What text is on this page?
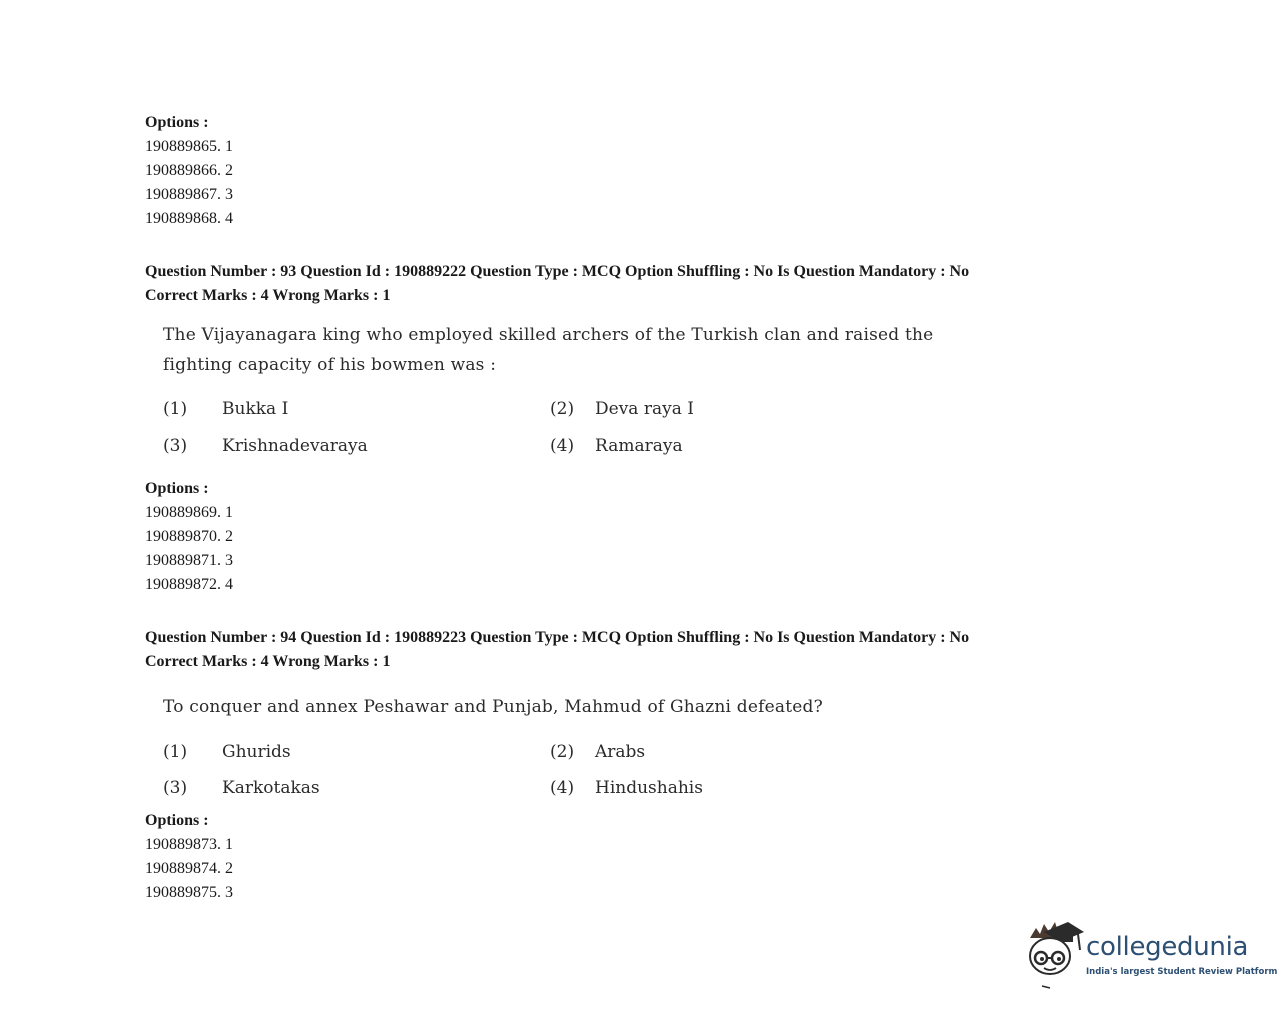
Options :
190889865. 1
190889866. 2
190889867. 3
190889868. 4
Question Number : 93 Question Id : 190889222 Question Type : MCQ Option Shuffling : No Is Question Mandatory : No
Correct Marks : 4 Wrong Marks : 1
The Vijayanagara king who employed skilled archers of the Turkish clan and raised the
fighting capacity of his bowmen was :
(1) Bukka I	(2) Deva raya I
(3) Krishnadevaraya	(4) Ramaraya
Options :
190889869. 1
190889870. 2
190889871. 3
190889872. 4
Question Number : 94 Question Id : 190889223 Question Type : MCQ Option Shuffling : No Is Question Mandatory : No
Correct Marks : 4 Wrong Marks : 1
To conquer and annex Peshawar and Punjab, Mahmud of Ghazni defeated?
(1) Ghurids	(2) Arabs
(3) Karkotakas	(4) Hindushahis
Options :
190889873. 1
190889874. 2
190889875. 3
collegedunia
India's largest Student Review Platform
